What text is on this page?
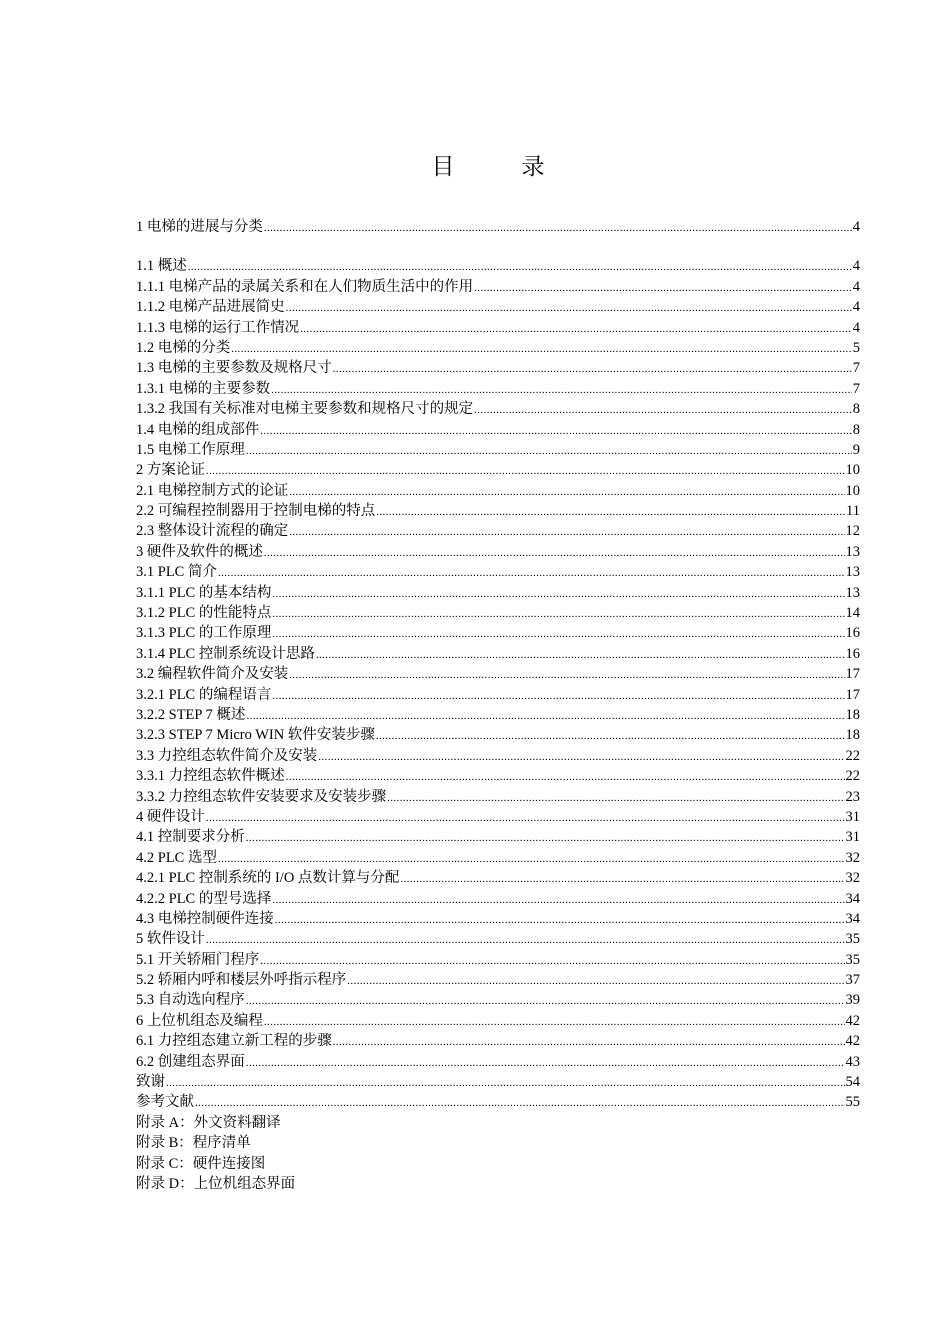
目　录
1 电梯的进展与分类 .....	4
1.1 概述 .....	4
1.1.1 电梯产品的录属关系和在人们物质生活中的作用 .....	4
1.1.2 电梯产品进展简史 .....	4
1.1.3 电梯的运行工作情况 .....	4
1.2 电梯的分类 .....	5
1.3 电梯的主要参数及规格尺寸 .....	7
1.3.1 电梯的主要参数 .....	7
1.3.2 我国有关标准对电梯主要参数和规格尺寸的规定 .....	8
1.4 电梯的组成部件 .....	8
1.5 电梯工作原理 .....	9
2 方案论证 .....	10
2.1 电梯控制方式的论证 .....	10
2.2 可编程控制器用于控制电梯的特点 .....	11
2.3 整体设计流程的确定 .....	12
3 硬件及软件的概述 .....	13
3.1 PLC 简介 .....	13
3.1.1 PLC 的基本结构 .....	13
3.1.2 PLC 的性能特点 .....	14
3.1.3 PLC 的工作原理 .....	16
3.1.4 PLC 控制系统设计思路 .....	16
3.2 编程软件简介及安装 .....	17
3.2.1 PLC 的编程语言 .....	17
3.2.2 STEP 7 概述 .....	18
3.2.3 STEP 7 Micro WIN 软件安装步骤 .....	18
3.3 力控组态软件简介及安装 .....	22
3.3.1 力控组态软件概述 .....	22
3.3.2 力控组态软件安装要求及安装步骤 .....	23
4 硬件设计 .....	31
4.1 控制要求分析 .....	31
4.2 PLC 选型 .....	32
4.2.1 PLC 控制系统的 I/O 点数计算与分配 .....	32
4.2.2 PLC 的型号选择 .....	34
4.3 电梯控制硬件连接 .....	34
5 软件设计 .....	35
5.1 开关轿厢门程序 .....	35
5.2 轿厢内呼和楼层外呼指示程序 .....	37
5.3 自动选向程序 .....	39
6 上位机组态及编程 .....	42
6.1 力控组态建立新工程的步骤 .....	42
6.2 创建组态界面 .....	43
致谢 .....	54
参考文献 .....	55
附录 A：外文资料翻译
附录 B：程序清单
附录 C：硬件连接图
附录 D：上位机组态界面
